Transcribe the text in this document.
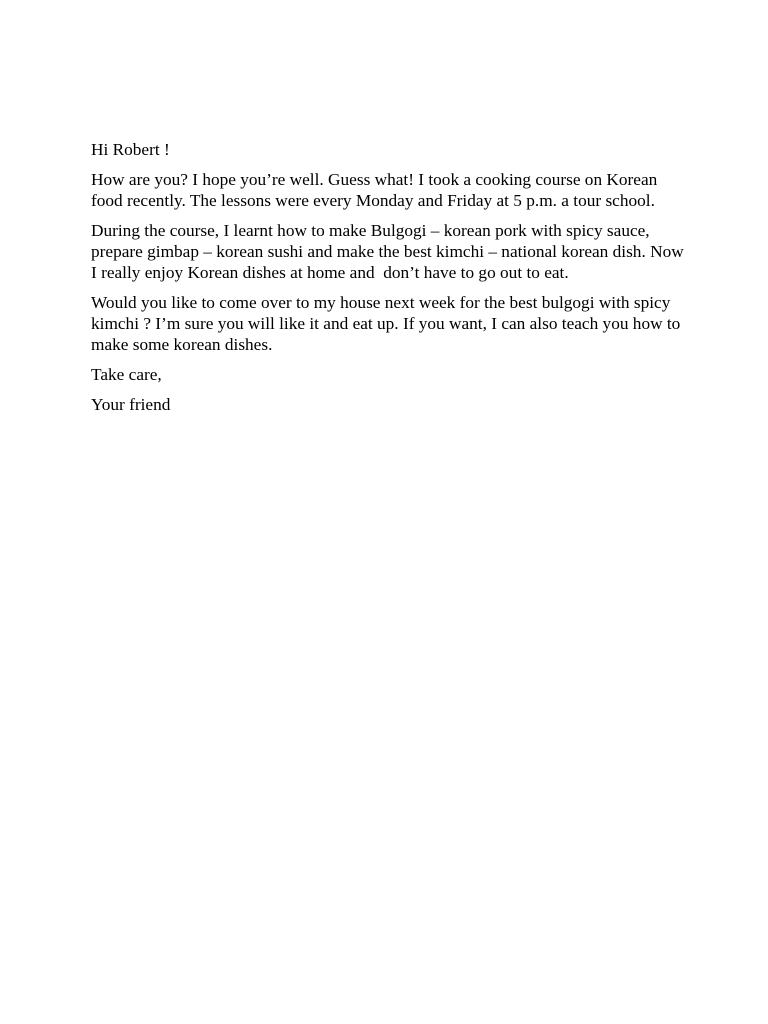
Hi Robert !

How are you? I hope you’re well. Guess what! I took a cooking course on Korean food recently. The lessons were every Monday and Friday at 5 p.m. a tour school.

During the course, I learnt how to make Bulgogi – korean pork with spicy sauce, prepare gimbap – korean sushi and make the best kimchi – national korean dish. Now I really enjoy Korean dishes at home and  don’t have to go out to eat.

Would you like to come over to my house next week for the best bulgogi with spicy kimchi ? I’m sure you will like it and eat up. If you want, I can also teach you how to make some korean dishes.

Take care,

Your friend
